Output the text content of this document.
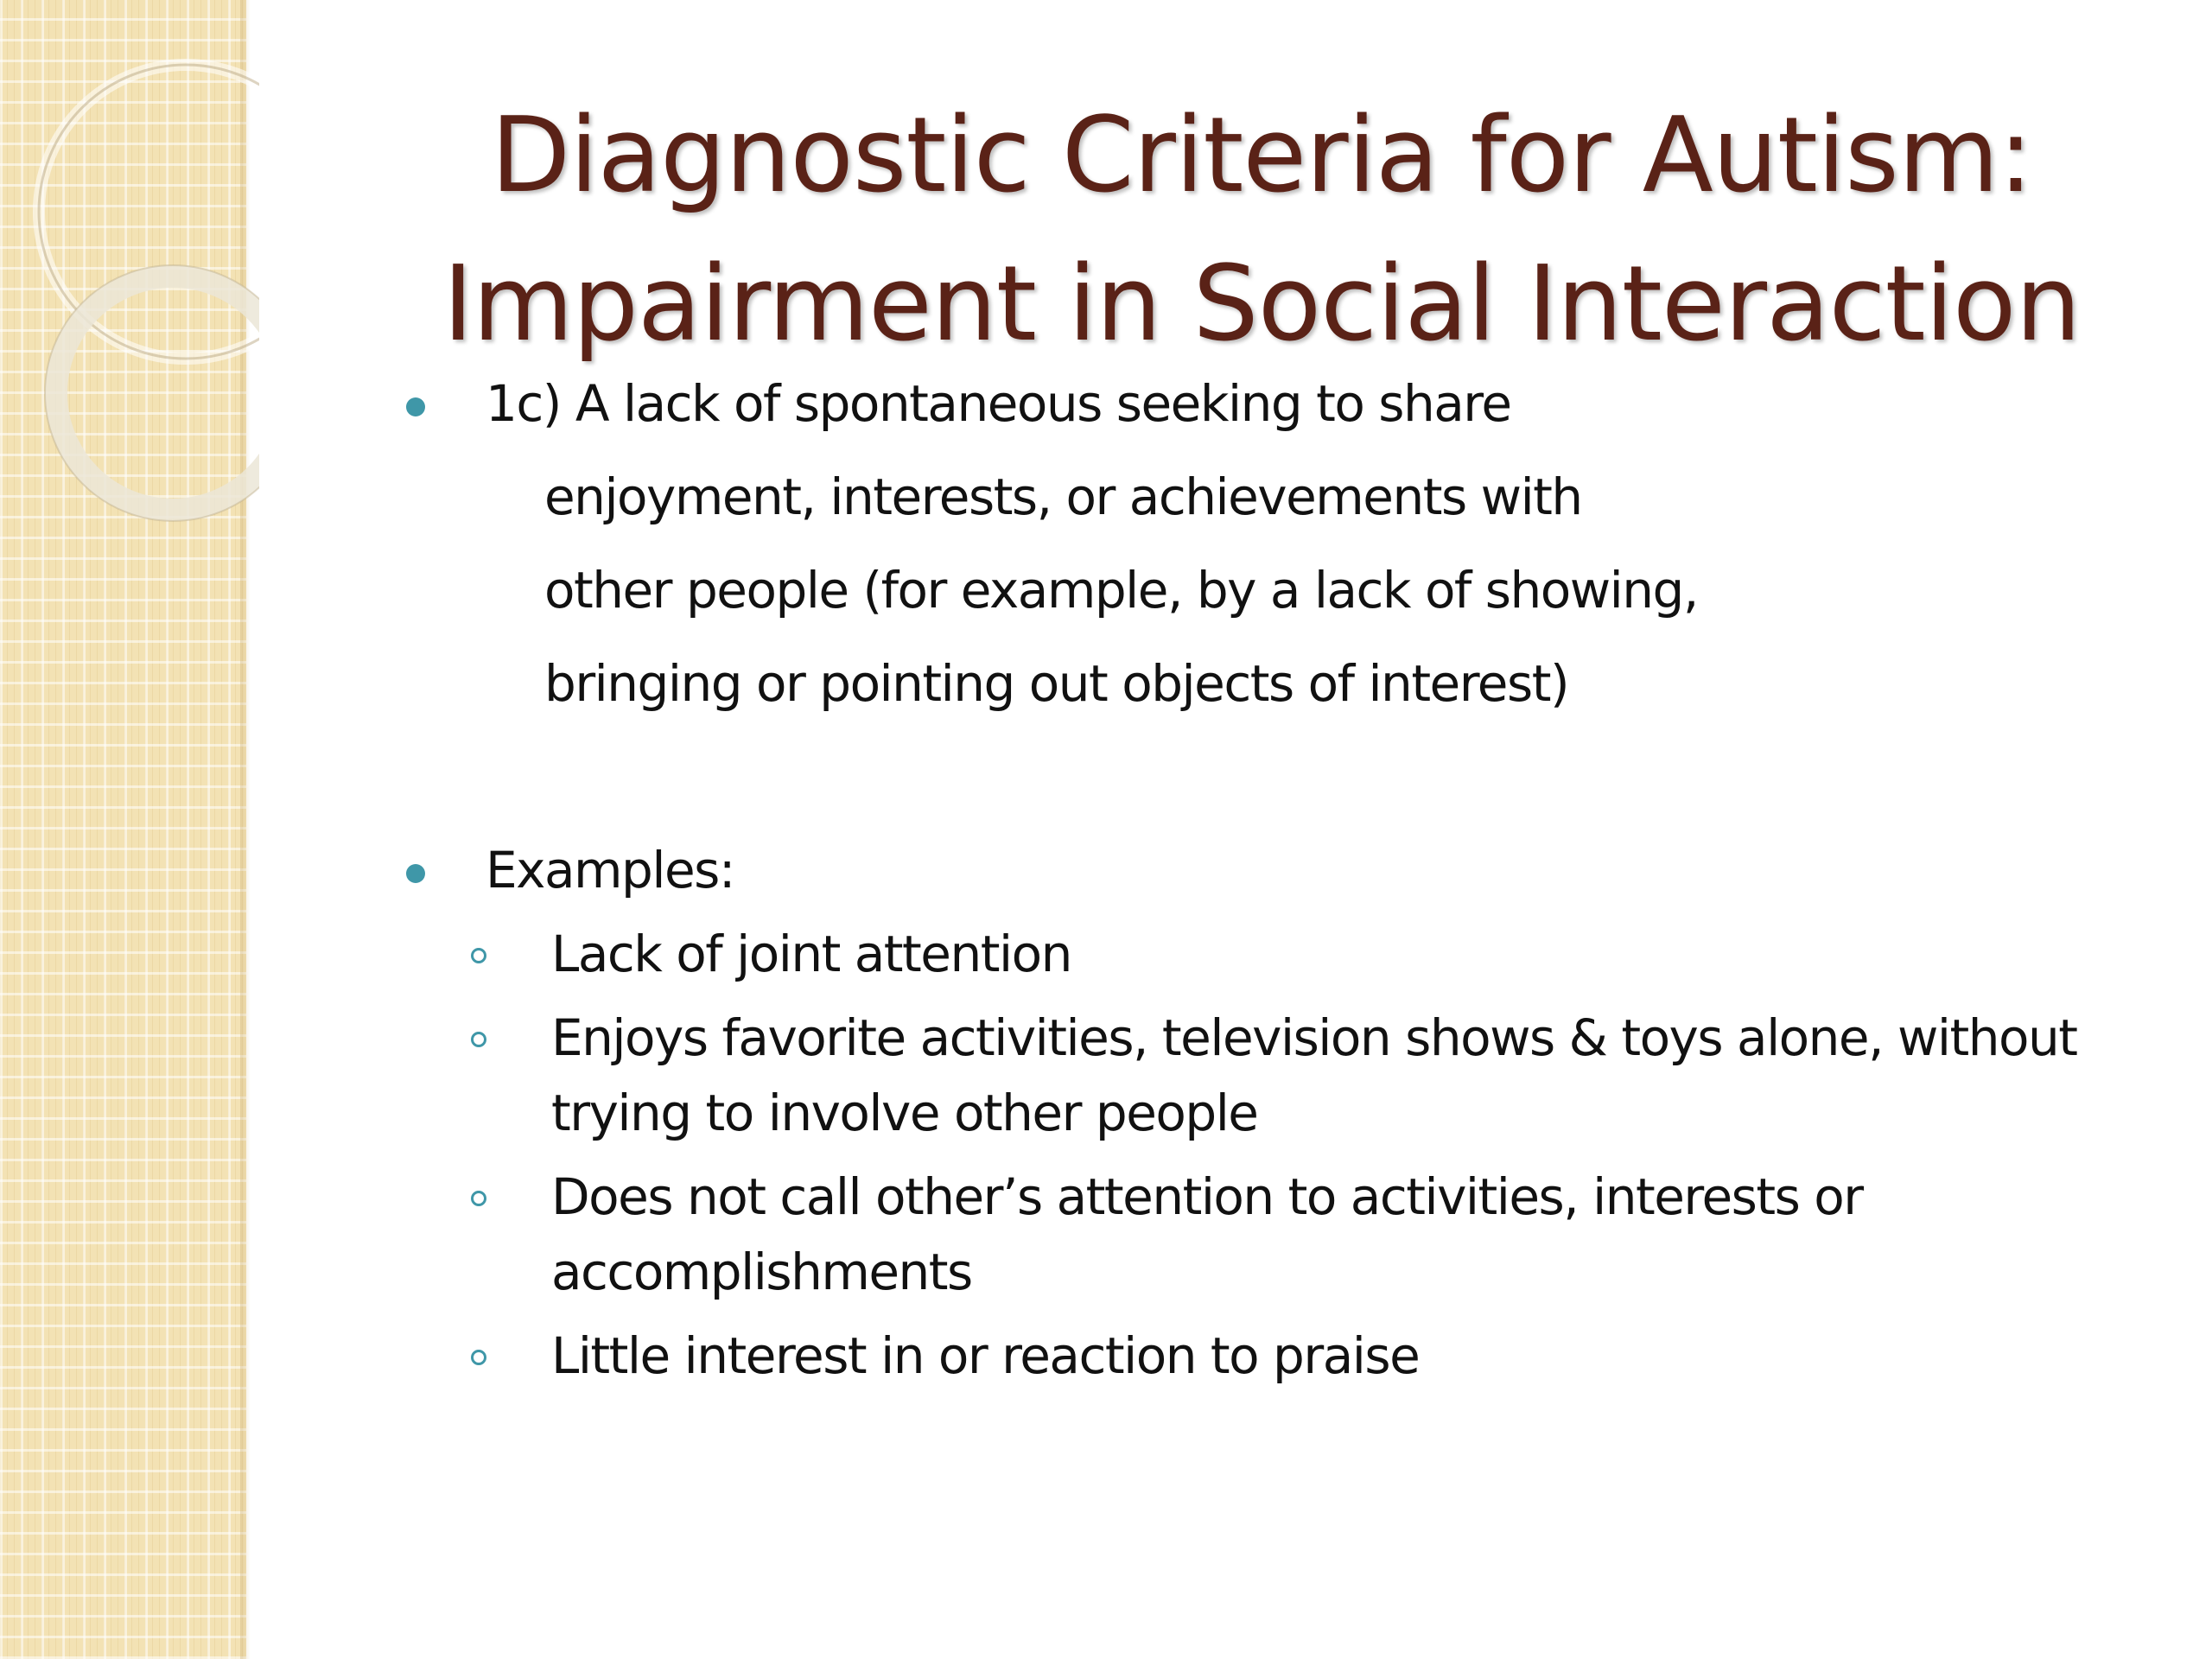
Diagnostic Criteria for Autism:
Impairment in Social Interaction
1c) A lack of spontaneous seeking to share
enjoyment, interests, or achievements with
other people (for example, by a lack of showing,
bringing or pointing out objects of interest)
Examples:
Lack of joint attention
Enjoys favorite activities, television shows & toys alone, without
trying to involve other people
Does not call other’s attention to activities, interests or
accomplishments
Little interest in or reaction to praise
